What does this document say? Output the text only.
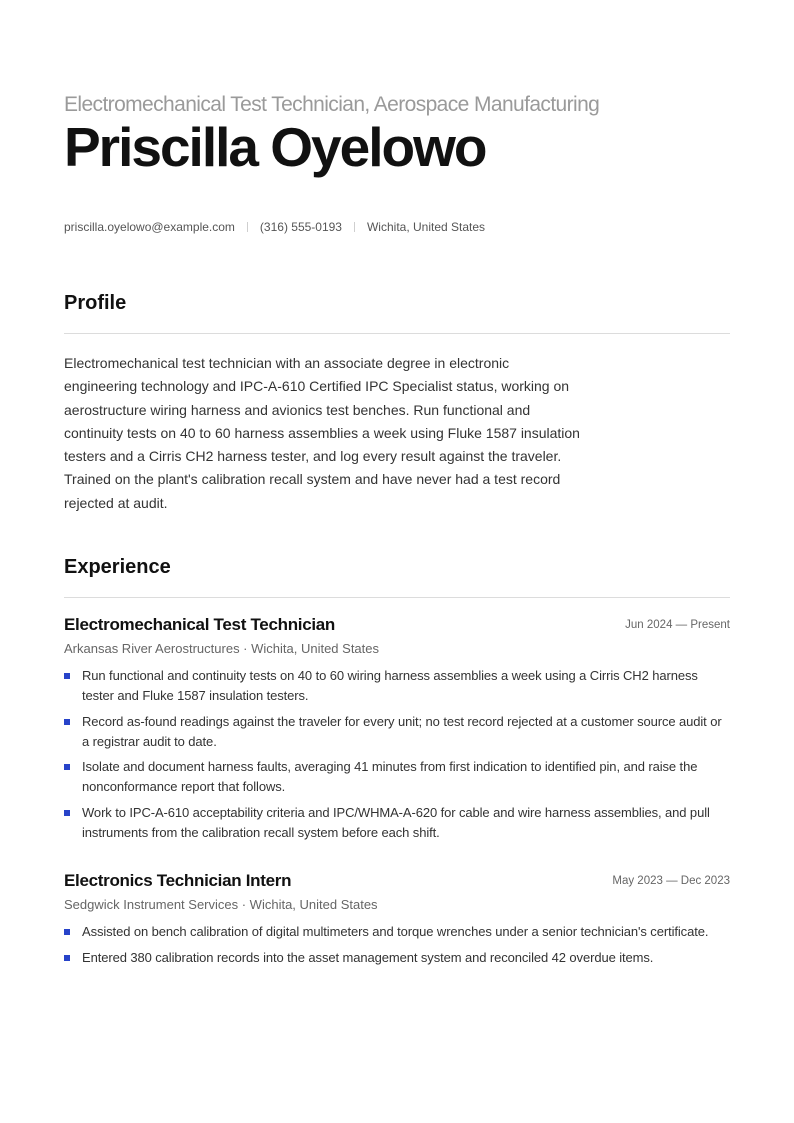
Electromechanical Test Technician, Aerospace Manufacturing
Priscilla Oyelowo
priscilla.oyelowo@example.com (316) 555-0193 Wichita, United States
Profile
Electromechanical test technician with an associate degree in electronic engineering technology and IPC-A-610 Certified IPC Specialist status, working on aerostructure wiring harness and avionics test benches. Run functional and continuity tests on 40 to 60 harness assemblies a week using Fluke 1587 insulation testers and a Cirris CH2 harness tester, and log every result against the traveler. Trained on the plant's calibration recall system and have never had a test record rejected at audit.
Experience
Electromechanical Test Technician	Jun 2024 — Present
Arkansas River Aerostructures · Wichita, United States
Run functional and continuity tests on 40 to 60 wiring harness assemblies a week using a Cirris CH2 harness tester and Fluke 1587 insulation testers.
Record as-found readings against the traveler for every unit; no test record rejected at a customer source audit or a registrar audit to date.
Isolate and document harness faults, averaging 41 minutes from first indication to identified pin, and raise the nonconformance report that follows.
Work to IPC-A-610 acceptability criteria and IPC/WHMA-A-620 for cable and wire harness assemblies, and pull instruments from the calibration recall system before each shift.
Electronics Technician Intern	May 2023 — Dec 2023
Sedgwick Instrument Services · Wichita, United States
Assisted on bench calibration of digital multimeters and torque wrenches under a senior technician's certificate.
Entered 380 calibration records into the asset management system and reconciled 42 overdue items.
